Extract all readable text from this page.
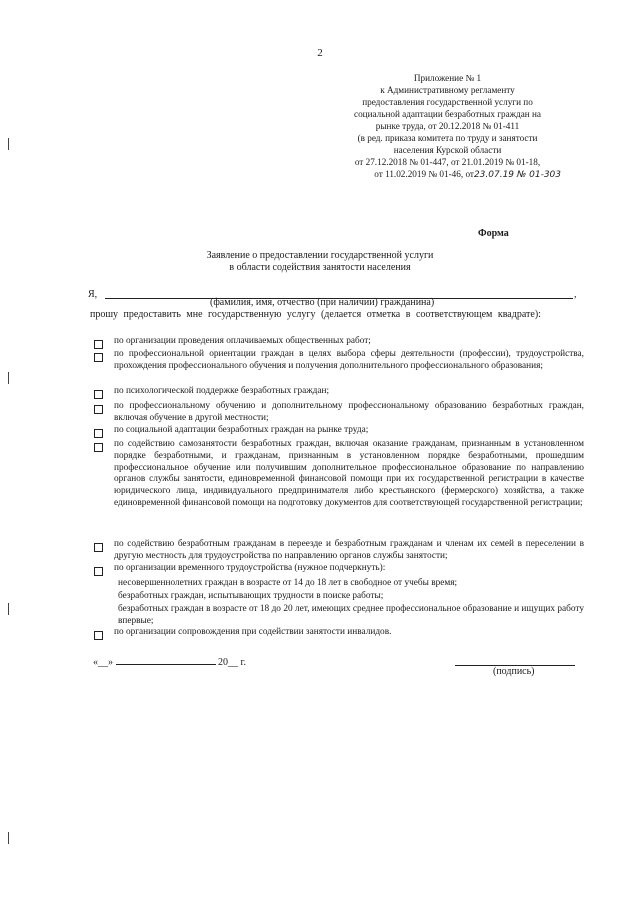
2
Приложение № 1
к Административному регламенту
предоставления государственной услуги по
социальной адаптации безработных граждан на
рынке труда, от 20.12.2018 № 01-411
(в ред. приказа комитета по труду и занятости
населения Курской области
от 27.12.2018 № 01-447, от 21.01.2019 № 01-18,
от 11.02.2019 № 01-46, от23.07.19 № 01-303
Форма
Заявление о предоставлении государственной услуги
в области содействия занятости населения
Я,	,
(фамилия, имя, отчество (при наличии) гражданина)
прошу предоставить мне государственную услугу (делается отметка в соответствующем квадрате):
по организации проведения оплачиваемых общественных работ;
по профессиональной ориентации граждан в целях выбора сферы деятельности (профессии), трудоустройства, прохождения профессионального обучения и получения дополнительного профессионального образования;
по психологической поддержке безработных граждан;
по профессиональному обучению и дополнительному профессиональному образованию безработных граждан, включая обучение в другой местности;
по социальной адаптации безработных граждан на рынке труда;
по содействию самозанятости безработных граждан, включая оказание гражданам, признанным в установленном порядке безработными, и гражданам, признанным в установленном порядке безработными, прошедшим профессиональное обучение или получившим дополнительное профессиональное образование по направлению органов службы занятости, единовременной финансовой помощи при их государственной регистрации в качестве юридического лица, индивидуального предпринимателя либо крестьянского (фермерского) хозяйства, а также единовременной финансовой помощи на подготовку документов для соответствующей государственной регистрации;
по содействию безработным гражданам в переезде и безработным гражданам и членам их семей в переселении в другую местность для трудоустройства по направлению органов службы занятости;
по организации временного трудоустройства (нужное подчеркнуть):
несовершеннолетних граждан в возрасте от 14 до 18 лет в свободное от учебы время;
безработных граждан, испытывающих трудности в поиске работы;
безработных граждан в возрасте от 18 до 20 лет, имеющих среднее профессиональное образование и ищущих работу впервые;
по организации сопровождения при содействии занятости инвалидов.
«__»	20__ г.
(подпись)
